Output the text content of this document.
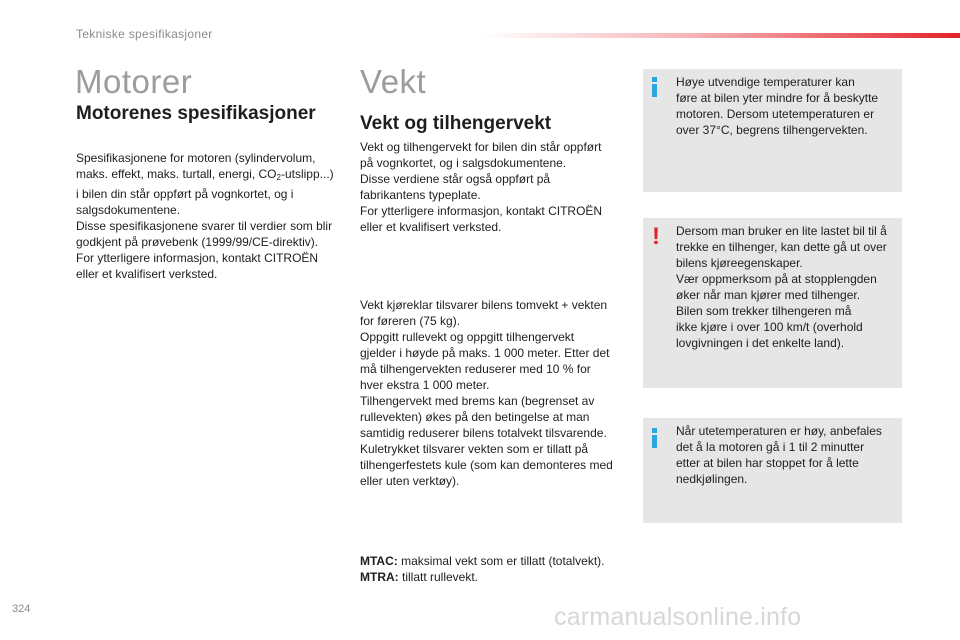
Tekniske spesifikasjoner
Motorer
Motorenes spesifikasjoner
Spesifikasjonene for motoren (sylindervolum,
maks. effekt, maks. turtall, energi, $CO_2-utslipp$...)
i bilen din står oppført på vognkortet, og i
salgsdokumentene.
Disse spesifikasjonene svarer til verdier som blir
godkjent på prøvebenk (1999/99/CE-direktiv).
For ytterligere informasjon, kontakt CITROËN
eller et kvalifisert verksted.
Vekt
Vekt og tilhengervekt
Vekt og tilhengervekt for bilen din står oppført
på vognkortet, og i salgsdokumentene.
Disse verdiene står også oppført på
fabrikantens typeplate.
For ytterligere informasjon, kontakt CITROËN
eller et kvalifisert verksted.
Vekt kjøreklar tilsvarer bilens tomvekt + vekten
for føreren (75 kg).
Oppgitt rullevekt og oppgitt tilhengervekt
gjelder i høyde på maks. 1 000 meter. Etter det
må tilhengervekten reduserer med 10 % for
hver ekstra 1 000 meter.
Tilhengervekt med brems kan (begrenset av
rullevekten) økes på den betingelse at man
samtidig reduserer bilens totalvekt tilsvarende.
Kuletrykket tilsvarer vekten som er tillatt på
tilhengerfestets kule (som kan demonteres med
eller uten verktøy).
MTAC: maksimal vekt som er tillatt (totalvekt).
MTRA: tillatt rullevekt.
Høye utvendige temperaturer kan
føre at bilen yter mindre for å beskytte
motoren. Dersom utetemperaturen er
over 37°C, begrens tilhengervekten.
! Dersom man bruker en lite lastet bil til å
trekke en tilhenger, kan dette gå ut over
bilens kjøreegenskaper.
Vær oppmerksom på at stopplengden
øker når man kjører med tilhenger.
Bilen som trekker tilhengeren må
ikke kjøre i over 100 km/t (overhold
lovgivningen i det enkelte land).
Når utetemperaturen er høy, anbefales
det å la motoren gå i 1 til 2 minutter
etter at bilen har stoppet for å lette
nedkjølingen.
324	carmanualsonline.info
